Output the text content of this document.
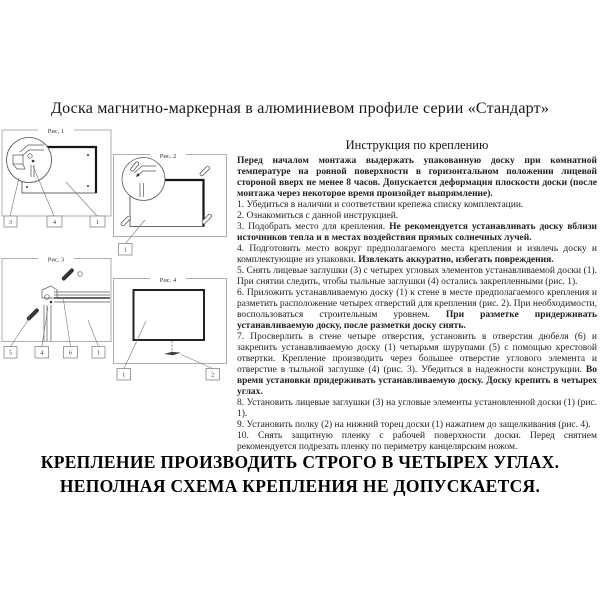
Доска магнитно-маркерная в алюминиевом профиле серии «Стандарт»
Рис. 1
3	4	1
Рис. 2
1
Рис. 3
5	4	6	1
Рис. 4
1	2

Инструкция по креплению

Перед началом монтажа выдержать упакованную доску при комнатной температуре на ровной поверхности в горизонтальном положении лицевой стороной вверх не менее 8 часов. Допускается деформация плоскости доски (после монтажа через некоторое время произойдет выпрямление).

1. Убедиться в наличии и соответствии крепежа списку комплектации.

2. Ознакомиться с данной инструкцией.

3. Подобрать место для крепления. Не рекомендуется устанавливать доску вблизи источников тепла и в местах воздействия прямых солнечных лучей.

4. Подготовить место вокруг предполагаемого места крепления и извлечь доску и комплектующие из упаковки. Извлекать аккуратно, избегать повреждения.

5. Снять лицевые заглушки (3) с четырех угловых элементов устанавливаемой доски (1). При снятии следить, чтобы тыльные заглушки (4) остались закрепленными (рис. 1).

6. Приложить устанавливаемую доску (1) к стене в месте предполагаемого крепления и разметить расположение четырех отверстий для крепления (рис. 2). При необходимости, воспользоваться строительным уровнем. При разметке придерживать устанавливаемую доску, после разметки доску снять.

7. Просверлить в стене четыре отверстия, установить в отверстия дюбеля (6) и закрепить устанавливаемую доску (1) четырьмя шурупами (5) с помощью крестовой отвертки. Крепление производить через большее отверстие углового элемента и отверстие в тыльной заглушке (4) (рис. 3). Убедиться в надежности конструкции. Во время установки придерживать устанавливаемую доску. Доску крепить в четырех углах.

8. Установить лицевые заглушки (3) на угловые элементы установленной доски (1) (рис. 1).

9. Установить полку (2) на нижний торец доски (1) нажатием до защелкивания (рис. 4).

10. Снять защитную пленку с рабочей поверхности доски. Перед снятием рекомендуется подрезать пленку по периметру канцелярским ножом.

КРЕПЛЕНИЕ ПРОИЗВОДИТЬ СТРОГО В ЧЕТЫРЕХ УГЛАХ.
НЕПОЛНАЯ СХЕМА КРЕПЛЕНИЯ НЕ ДОПУСКАЕТСЯ.
